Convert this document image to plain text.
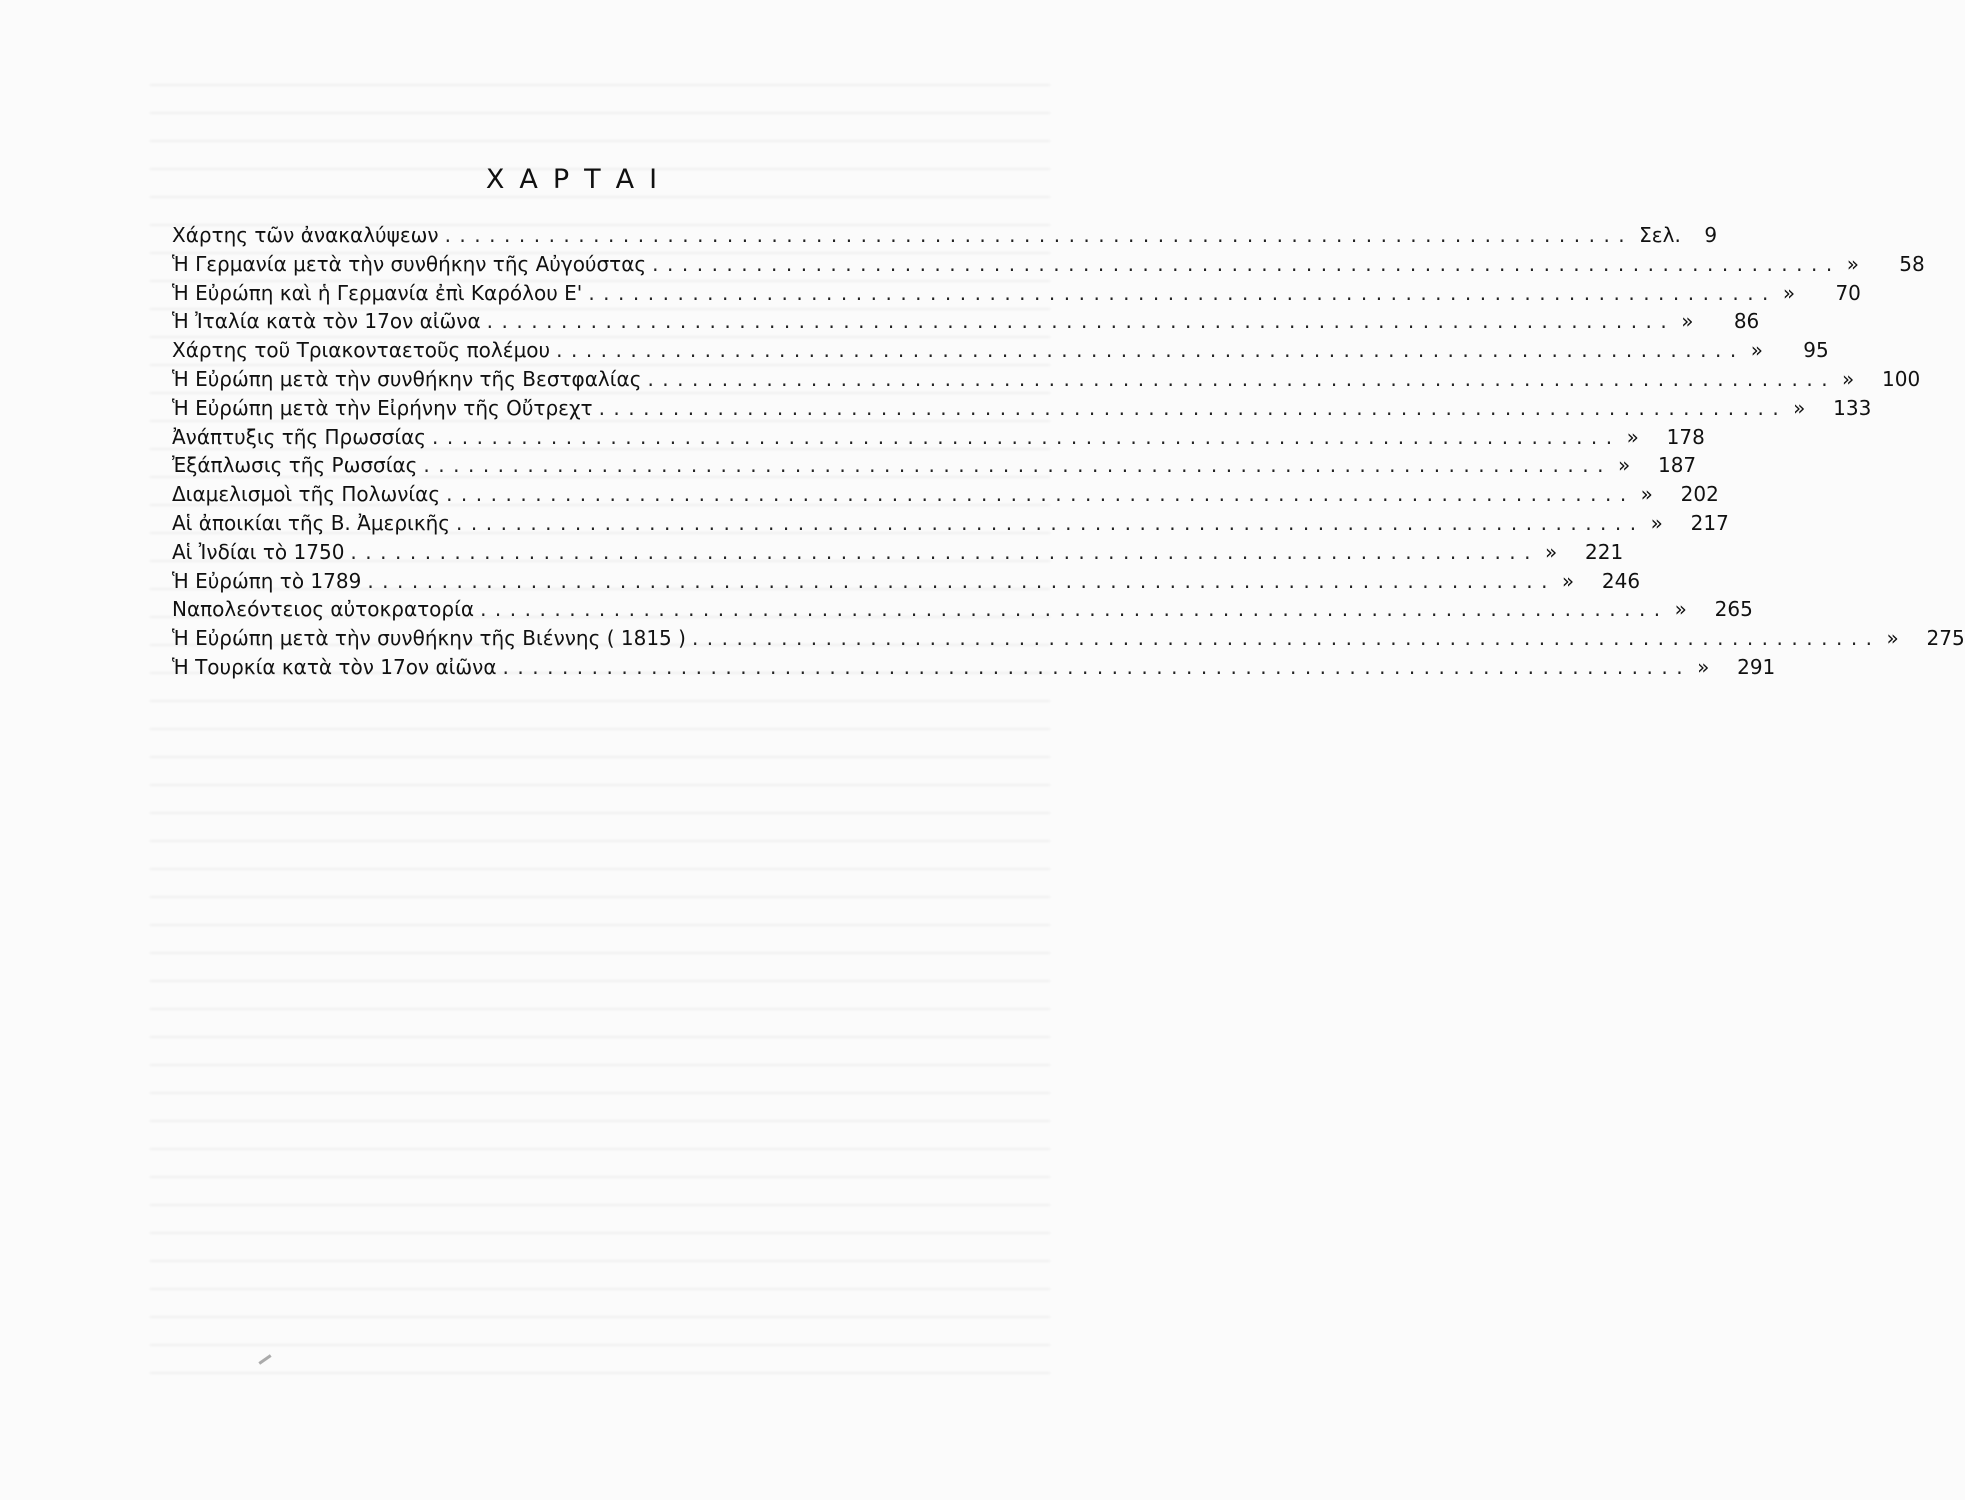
ΧΑΡΤΑΙ
Χάρτης τῶν ἀνακαλύψεων ................................................................................ Σελ.	9
Ἡ Γερμανία μετὰ τὴν συνθήκην τῆς Αὐγούστας ................................................................................ »	58
Ἡ Εὐρώπη καὶ ἡ Γερμανία ἐπὶ Καρόλου Ε' ................................................................................ »	70
Ἡ Ἰταλία κατὰ τὸν 17ον αἰῶνα ................................................................................ »	86
Χάρτης τοῦ Τριακονταετοῦς πολέμου ................................................................................ »	95
Ἡ Εὐρώπη μετὰ τὴν συνθήκην τῆς Βεστφαλίας ................................................................................ »	100
Ἡ Εὐρώπη μετὰ τὴν Εἰρήνην τῆς Οὔτρεχτ ................................................................................ »	133
Ἀνάπτυξις τῆς Πρωσσίας ................................................................................ »	178
Ἐξάπλωσις τῆς Ρωσσίας ................................................................................ »	187
Διαμελισμοὶ τῆς Πολωνίας ................................................................................ »	202
Αἱ ἀποικίαι τῆς Β. Ἀμερικῆς ................................................................................ »	217
Αἱ Ἰνδίαι τὸ 1750 ................................................................................ »	221
Ἡ Εὐρώπη τὸ 1789 ................................................................................ »	246
Ναπολεόντειος αὐτοκρατορία ................................................................................ »	265
Ἡ Εὐρώπη μετὰ τὴν συνθήκην τῆς Βιέννης ( 1815 ) ................................................................................ »	275
Ἡ Τουρκία κατὰ τὸν 17ον αἰῶνα ................................................................................ »	291
